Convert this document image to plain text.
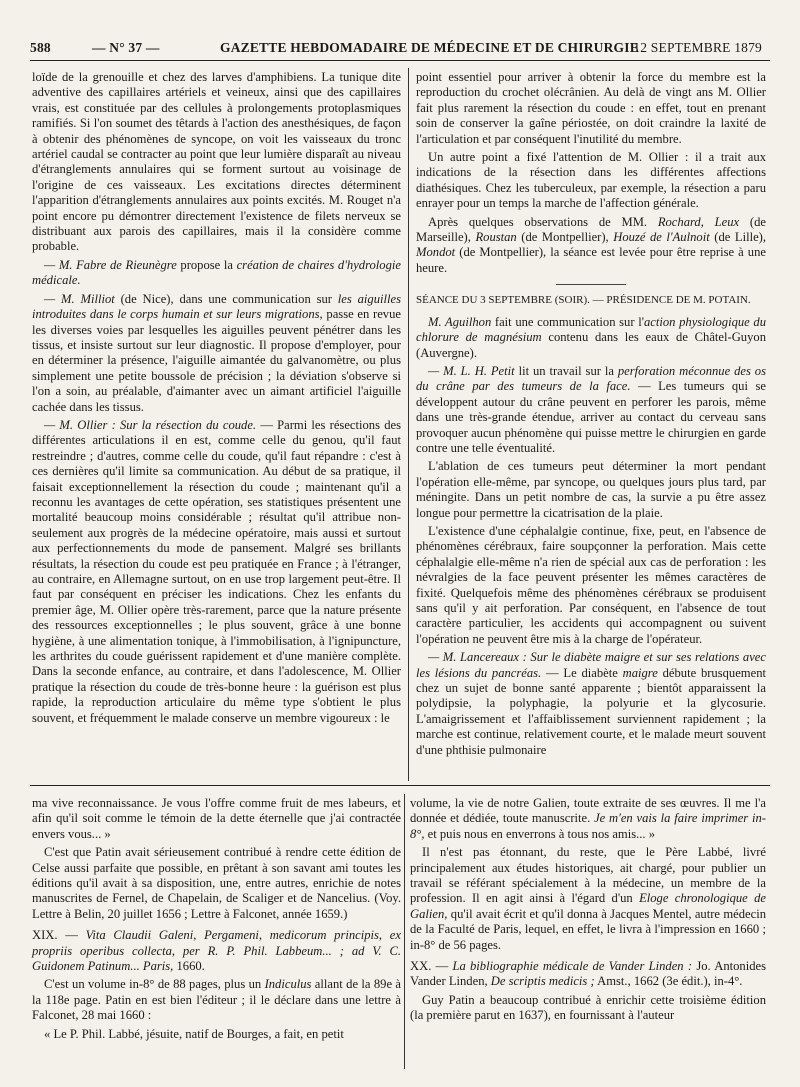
588	— N° 37 —	GAZETTE HEBDOMADAIRE DE MÉDECINE ET DE CHIRURGIE
12 SEPTEMBRE 1879

loïde de la grenouille et chez des larves d'amphibiens. La tunique dite adventive des capillaires artériels et veineux, ainsi que des capillaires vrais, est constituée par des cellules à prolongements protoplasmiques ramifiés. Si l'on soumet des têtards à l'action des anesthésiques, de façon à obtenir des phénomènes de syncope, on voit les vaisseaux du tronc artériel caudal se contracter au point que leur lumière disparaît au niveau d'étranglements annulaires qui se forment surtout au voisinage de l'origine de ces vaisseaux. Les excitations directes déterminent l'apparition d'étranglements annulaires aux points excités. M. Rouget n'a point encore pu démontrer directement l'existence de filets nerveux se distribuant aux parois des capillaires, mais il la considère comme probable.

— M. Fabre de Rieunègre propose la création de chaires d'hydrologie médicale.

— M. Milliot (de Nice), dans une communication sur les aiguilles introduites dans le corps humain et sur leurs migrations, passe en revue les diverses voies par lesquelles les aiguilles peuvent pénétrer dans les tissus, et insiste surtout sur leur diagnostic. Il propose d'employer, pour en déterminer la présence, l'aiguille aimantée du galvanomètre, ou plus simplement une petite boussole de précision ; la déviation s'observe si l'on a soin, au préalable, d'aimanter avec un aimant artificiel l'aiguille cachée dans les tissus.

— M. Ollier : Sur la résection du coude. — Parmi les résections des différentes articulations il en est, comme celle du genou, qu'il faut restreindre ; d'autres, comme celle du coude, qu'il faut répandre : c'est à ces dernières qu'il limite sa communication. Au début de sa pratique, il faisait exceptionnellement la résection du coude ; maintenant qu'il a reconnu les avantages de cette opération, ses statistiques présentent une mortalité beaucoup moins considérable ; résultat qu'il attribue non-seulement aux progrès de la médecine opératoire, mais aussi et surtout aux perfectionnements du mode de pansement. Malgré ses brillants résultats, la résection du coude est peu pratiquée en France ; à l'étranger, au contraire, en Allemagne surtout, on en use trop largement peut-être. Il faut par conséquent en préciser les indications. Chez les enfants du premier âge, M. Ollier opère très-rarement, parce que la nature présente des ressources exceptionnelles ; le plus souvent, grâce à une bonne hygiène, à une alimentation tonique, à l'immobilisation, à l'ignipuncture, les arthrites du coude guérissent rapidement et d'une manière complète. Dans la seconde enfance, au contraire, et dans l'adolescence, M. Ollier pratique la résection du coude de très-bonne heure : la guérison est plus rapide, la reproduction articulaire du même type s'obtient le plus souvent, et fréquemment le malade conserve un membre vigoureux : le

point essentiel pour arriver à obtenir la force du membre est la reproduction du crochet olécrânien. Au delà de vingt ans M. Ollier fait plus rarement la résection du coude : en effet, tout en prenant soin de conserver la gaîne périostée, on doit craindre la laxité de l'articulation et par conséquent l'inutilité du membre.

Un autre point a fixé l'attention de M. Ollier : il a trait aux indications de la résection dans les différentes affections diathésiques. Chez les tuberculeux, par exemple, la résection a paru enrayer pour un temps la marche de l'affection générale.

Après quelques observations de MM. Rochard, Leux (de Marseille), Roustan (de Montpellier), Houzé de l'Aulnoit (de Lille), Mondot (de Montpellier), la séance est levée pour être reprise à une heure.

SÉANCE DU 3 SEPTEMBRE (SOIR). — PRÉSIDENCE DE M. POTAIN.

M. Aguilhon fait une communication sur l'action physiologique du chlorure de magnésium contenu dans les eaux de Châtel-Guyon (Auvergne).

— M. L. H. Petit lit un travail sur la perforation méconnue des os du crâne par des tumeurs de la face. — Les tumeurs qui se développent autour du crâne peuvent en perforer les parois, même dans une très-grande étendue, arriver au contact du cerveau sans provoquer aucun phénomène qui puisse mettre le chirurgien en garde contre une telle éventualité.

L'ablation de ces tumeurs peut déterminer la mort pendant l'opération elle-même, par syncope, ou quelques jours plus tard, par méningite. Dans un petit nombre de cas, la survie a pu être assez longue pour permettre la cicatrisation de la plaie.

L'existence d'une céphalalgie continue, fixe, peut, en l'absence de phénomènes cérébraux, faire soupçonner la perforation. Mais cette céphalalgie elle-même n'a rien de spécial aux cas de perforation : les névralgies de la face peuvent présenter les mêmes caractères de fixité. Quelquefois même des phénomènes cérébraux se produisent sans qu'il y ait perforation. Par conséquent, en l'absence de tout caractère particulier, les accidents qui accompagnent ou suivent l'opération ne peuvent être mis à la charge de l'opérateur.

— M. Lancereaux : Sur le diabète maigre et sur ses relations avec les lésions du pancréas. — Le diabète maigre débute brusquement chez un sujet de bonne santé apparente ; bientôt apparaissent la polydipsie, la polyphagie, la polyurie et la glycosurie. L'amaigrissement et l'affaiblissement surviennent rapidement ; la marche est continue, relativement courte, et le malade meurt souvent d'une phthisie pulmonaire

ma vive reconnaissance. Je vous l'offre comme fruit de mes labeurs, et afin qu'il soit comme le témoin de la dette éternelle que j'ai contractée envers vous... »

C'est que Patin avait sérieusement contribué à rendre cette édition de Celse aussi parfaite que possible, en prêtant à son savant ami toutes les éditions qu'il avait à sa disposition, une, entre autres, enrichie de notes manuscrites de Fernel, de Chapelain, de Scaliger et de Nancelius. (Voy. Lettre à Belin, 20 juillet 1656 ; Lettre à Falconet, année 1659.)

XIX. — Vita Claudii Galeni, Pergameni, medicorum principis, ex propriis operibus collecta, per R. P. Phil. Labbeum... ; ad V. C. Guidonem Patinum... Paris, 1660.

C'est un volume in-8° de 88 pages, plus un Indiculus allant de la 89e à la 118e page. Patin en est bien l'éditeur ; il le déclare dans une lettre à Falconet, 28 mai 1660 :

« Le P. Phil. Labbé, jésuite, natif de Bourges, a fait, en petit

volume, la vie de notre Galien, toute extraite de ses œuvres. Il me l'a donnée et dédiée, toute manuscrite. Je m'en vais la faire imprimer in-8°, et puis nous en enverrons à tous nos amis... »

Il n'est pas étonnant, du reste, que le Père Labbé, livré principalement aux études historiques, ait chargé, pour publier un travail se référant spécialement à la médecine, un membre de la profession. Il en agit ainsi à l'égard d'un Eloge chronologique de Galien, qu'il avait écrit et qu'il donna à Jacques Mentel, autre médecin de la Faculté de Paris, lequel, en effet, le livra à l'impression en 1660 ; in-8° de 56 pages.

XX. — La bibliographie médicale de Vander Linden : Jo. Antonides Vander Linden, De scriptis medicis ; Amst., 1662 (3e édit.), in-4°.

Guy Patin a beaucoup contribué à enrichir cette troisième édition (la première parut en 1637), en fournissant à l'auteur
